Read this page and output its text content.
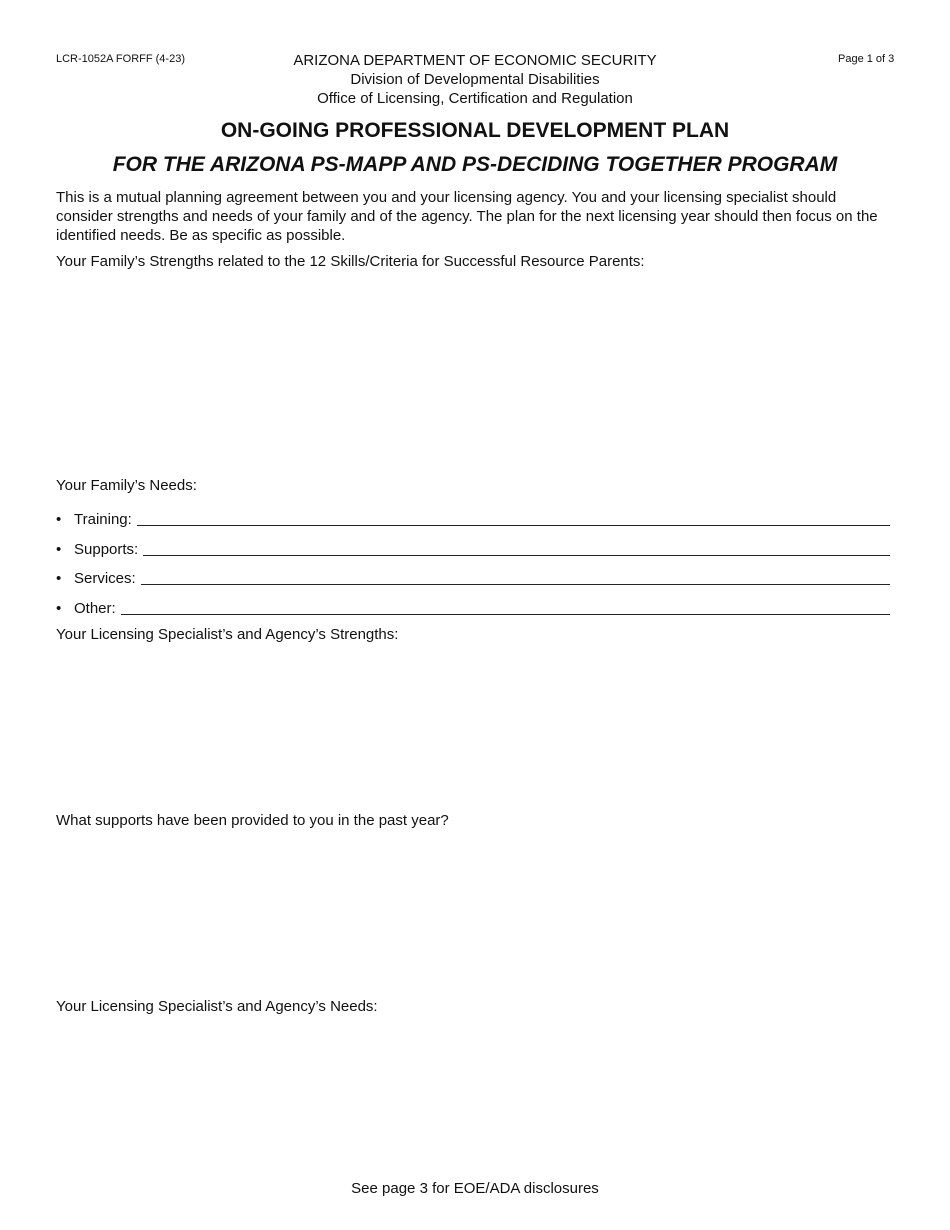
LCR-1052A FORFF (4-23)	Page 1 of 3
ARIZONA DEPARTMENT OF ECONOMIC SECURITY
Division of Developmental Disabilities
Office of Licensing, Certification and Regulation
ON-GOING PROFESSIONAL DEVELOPMENT PLAN
FOR THE ARIZONA PS-MAPP AND PS-DECIDING TOGETHER PROGRAM
This is a mutual planning agreement between you and your licensing agency. You and your licensing specialist should consider strengths and needs of your family and of the agency. The plan for the next licensing year should then focus on the identified needs. Be as specific as possible.
Your Family’s Strengths related to the 12 Skills/Criteria for Successful Resource Parents:
Your Family’s Needs:
• Training:
• Supports:
• Services:
• Other:
Your Licensing Specialist’s and Agency’s Strengths:
What supports have been provided to you in the past year?
Your Licensing Specialist’s and Agency’s Needs:
See page 3 for EOE/ADA disclosures
